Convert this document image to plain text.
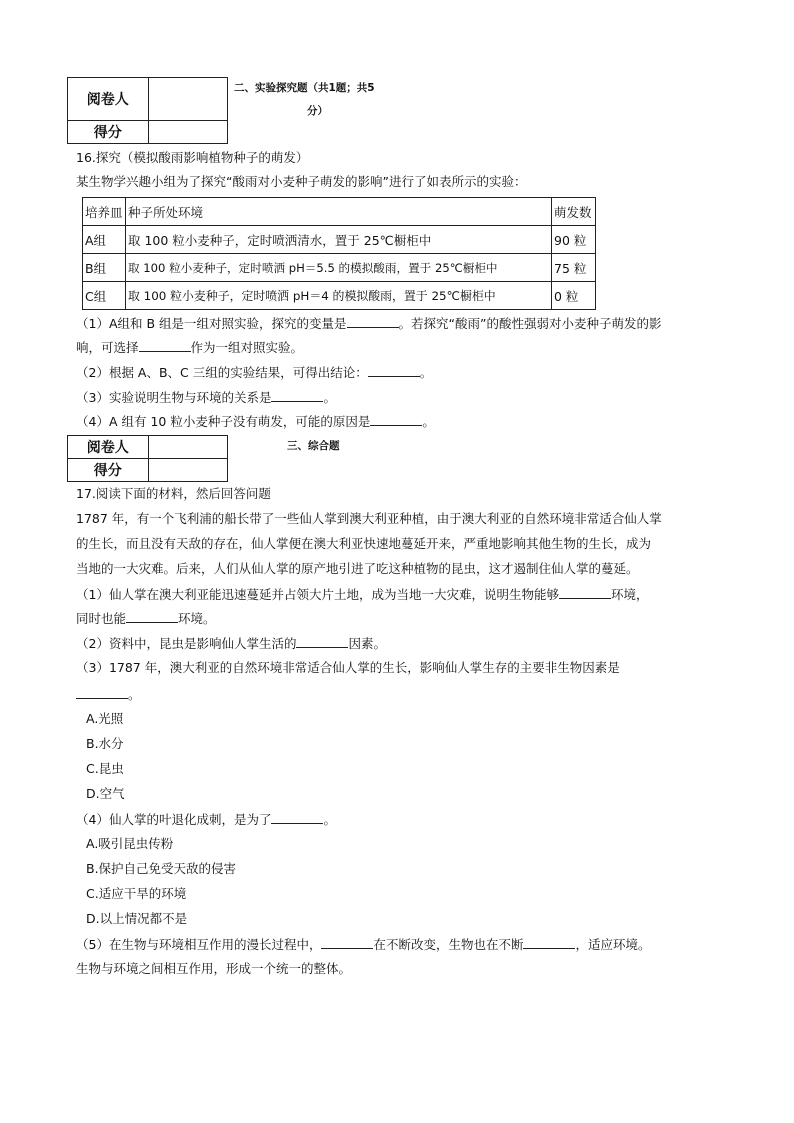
阅卷人	
得分	
二、实验探究题（共1题；共5
分）
16.探究（模拟酸雨影响植物种子的萌发）
某生物学兴趣小组为了探究“酸雨对小麦种子萌发的影响”进行了如表所示的实验：
培养皿	种子所处环境	萌发数
A组	取 100 粒小麦种子，定时喷洒清水，置于 25℃橱柜中	90 粒
B组	取 100 粒小麦种子，定时喷洒 pH＝5.5 的模拟酸雨，置于 25℃橱柜中	75 粒
C组	取 100 粒小麦种子，定时喷洒 pH＝4 的模拟酸雨，置于 25℃橱柜中	0 粒
（1）A组和 B 组是一组对照实验，探究的变量是	。若探究“酸雨”的酸性强弱对小麦种子萌发的影
响，可选择	作为一组对照实验。
（2）根据 A、B、C 三组的实验结果，可得出结论：	。
（3）实验说明生物与环境的关系是	。
（4）A 组有 10 粒小麦种子没有萌发，可能的原因是	。
阅卷人	
得分	
三、综合题
17.阅读下面的材料，然后回答问题
1787 年，有一个飞利浦的船长带了一些仙人掌到澳大利亚种植，由于澳大利亚的自然环境非常适合仙人掌
的生长，而且没有天敌的存在，仙人掌便在澳大利亚快速地蔓延开来，严重地影响其他生物的生长，成为
当地的一大灾难。后来，人们从仙人掌的原产地引进了吃这种植物的昆虫，这才遏制住仙人掌的蔓延。
（1）仙人掌在澳大利亚能迅速蔓延并占领大片土地，成为当地一大灾难，说明生物能够	环境，
同时也能	环境。
（2）资料中，昆虫是影响仙人掌生活的	因素。
（3）1787 年，澳大利亚的自然环境非常适合仙人掌的生长，影响仙人掌生存的主要非生物因素是
。
A.光照
B.水分
C.昆虫
D.空气
（4）仙人掌的叶退化成刺，是为了	。
A.吸引昆虫传粉
B.保护自己免受天敌的侵害
C.适应干旱的环境
D.以上情况都不是
（5）在生物与环境相互作用的漫长过程中，	在不断改变，生物也在不断	，适应环境。
生物与环境之间相互作用，形成一个统一的整体。
